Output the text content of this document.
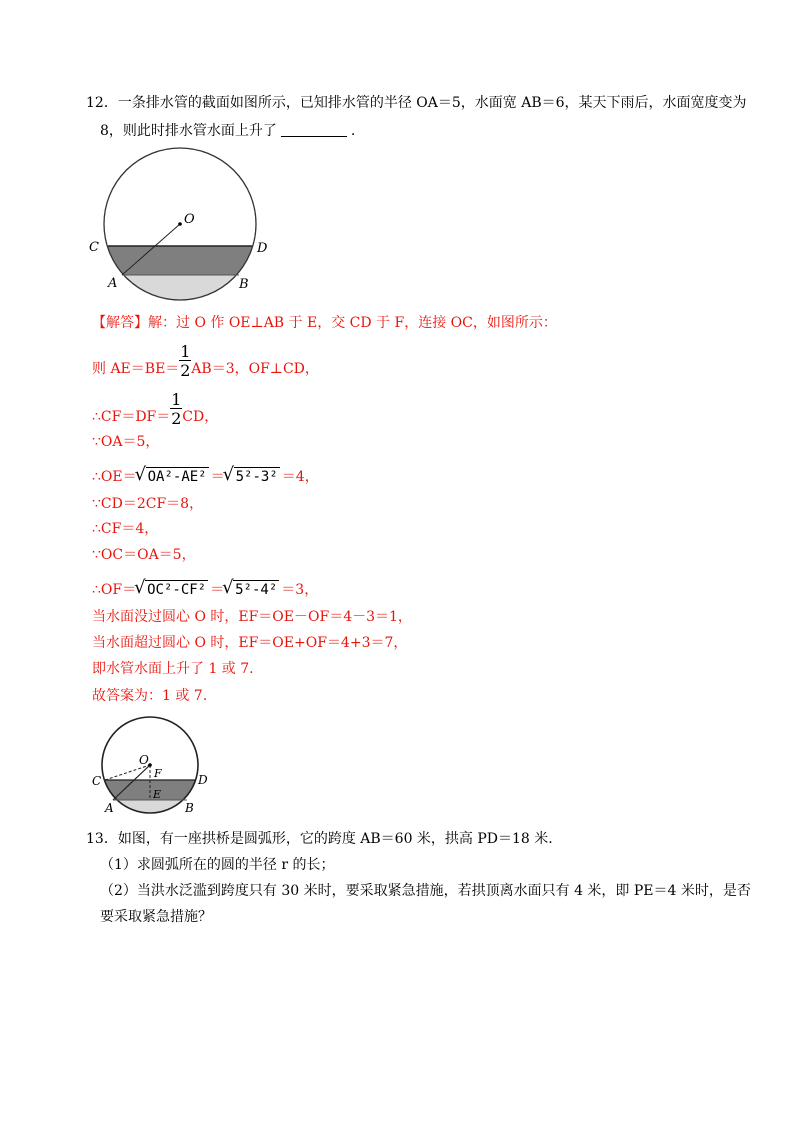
12．一条排水管的截面如图所示，已知排水管的半径 OA＝5，水面宽 AB＝6，某天下雨后，水面宽度变为
8，则此时排水管水面上升了	.
O
C	D
A	B
【解答】解：过 O 作 OE⊥AB 于 E，交 CD 于 F，连接 OC，如图所示：
则 $AE=BE= \frac{1}{2} AB=3$，OF⊥CD，
∴CF＝DF＝ $\frac{1}{2}$ CD，
∵OA＝5，
∴OE＝ √ OA²-AE² ＝ √ 5²-3² ＝4，
∵CD＝2CF＝8，
∴CF＝4，
∵OC＝OA＝5，
∴OF＝ √ OC²-CF² ＝ √ 5²-4² ＝3，
当水面没过圆心 O 时，EF＝OE－OF＝4－3＝1，
当水面超过圆心 O 时，EF＝OE+OF＝4+3＝7，
即水管水面上升了 1 或 7.
故答案为：1 或 7.
O
F
E
C	D
A	B
13．如图，有一座拱桥是圆弧形，它的跨度 AB＝60 米，拱高 PD＝18 米.
（1）求圆弧所在的圆的半径 r 的长；
（2）当洪水泛滥到跨度只有 30 米时，要采取紧急措施，若拱顶离水面只有 4 米，即 PE＝4 米时，是否
要采取紧急措施？
